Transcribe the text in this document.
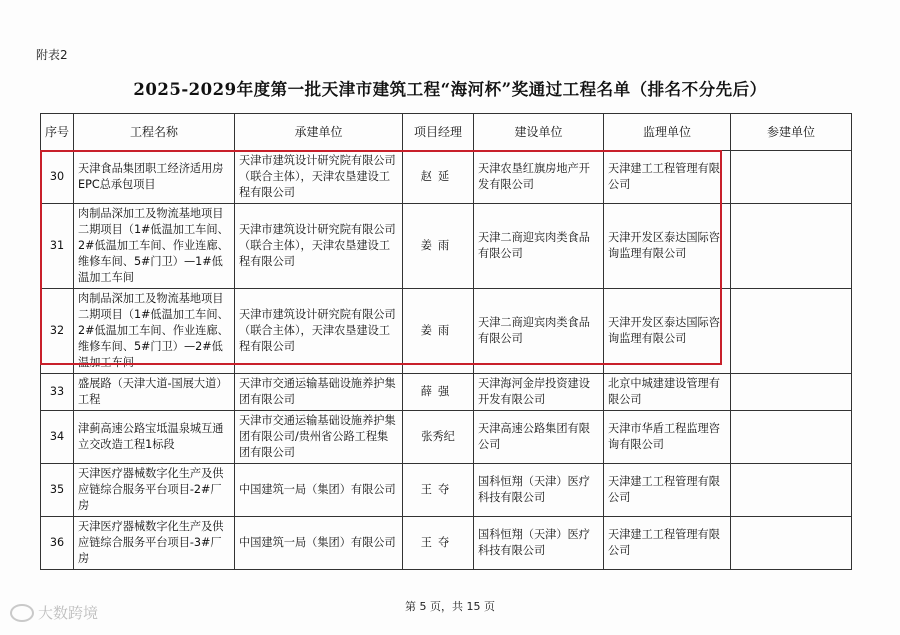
附表2
2025-2029年度第一批天津市建筑工程“海河杯”奖通过工程名单（排名不分先后）
序号	工程名称	承建单位	项目经理	建设单位	监理单位	参建单位
30	天津食品集团职工经济适用房EPC总承包项目	天津市建筑设计研究院有限公司（联合主体），天津农垦建设工程有限公司	赵延	天津农垦红旗房地产开发有限公司	天津建工工程管理有限公司	
31	肉制品深加工及物流基地项目二期项目（1#低温加工车间、2#低温加工车间、作业连廊、维修车间、5#门卫）—1#低温加工车间	天津市建筑设计研究院有限公司（联合主体），天津农垦建设工程有限公司	姜雨	天津二商迎宾肉类食品有限公司	天津开发区泰达国际咨询监理有限公司	
32	肉制品深加工及物流基地项目二期项目（1#低温加工车间、2#低温加工车间、作业连廊、维修车间、5#门卫）—2#低温加工车间	天津市建筑设计研究院有限公司（联合主体），天津农垦建设工程有限公司	姜雨	天津二商迎宾肉类食品有限公司	天津开发区泰达国际咨询监理有限公司	
33	盛展路（天津大道-国展大道）工程	天津市交通运输基础设施养护集团有限公司	薛强	天津海河金岸投资建设开发有限公司	北京中城建建设管理有限公司	
34	津蓟高速公路宝坻温泉城互通立交改造工程1标段	天津市交通运输基础设施养护集团有限公司/贵州省公路工程集团有限公司	张秀纪	天津高速公路集团有限公司	天津市华盾工程监理咨询有限公司	
35	天津医疗器械数字化生产及供应链综合服务平台项目-2#厂房	中国建筑一局（集团）有限公司	王夺	国科恒翔（天津）医疗科技有限公司	天津建工工程管理有限公司	
36	天津医疗器械数字化生产及供应链综合服务平台项目-3#厂房	中国建筑一局（集团）有限公司	王夺	国科恒翔（天津）医疗科技有限公司	天津建工工程管理有限公司	
第 5 页，共 15 页
大数跨境
